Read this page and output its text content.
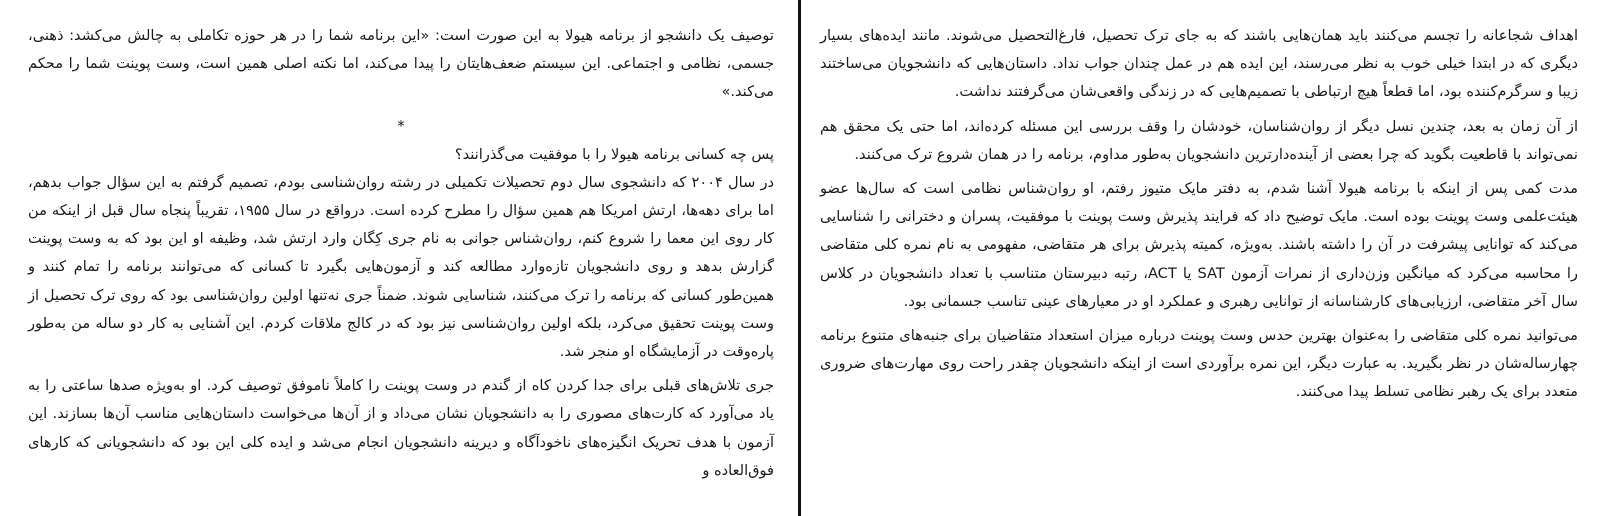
توصیف یک دانشجو از برنامه هیولا به این صورت است: «این برنامه شما را در هر حوزه تکاملی به چالش می‌کشد: ذهنی، جسمی، نظامی و اجتماعی. این سیستم ضعف‌هایتان را پیدا می‌کند، اما نکته اصلی همین است، وست پوینت شما را محکم می‌کند.»

*
پس چه کسانی برنامه هیولا را با موفقیت می‌گذرانند؟

در سال ۲۰۰۴ که دانشجوی سال دوم تحصیلات تکمیلی در رشته روان‌شناسی بودم، تصمیم گرفتم به این سؤال جواب بدهم، اما برای دهه‌ها، ارتش امریکا هم همین سؤال را مطرح کرده است. درواقع در سال ۱۹۵۵، تقریباً پنجاه سال قبل از اینکه من کار روی این معما را شروع کنم، روان‌شناس جوانی به نام جری کِگان وارد ارتش شد، وظیفه او این بود که به وست پوینت گزارش بدهد و روی دانشجویان تازه‌وارد مطالعه کند و آزمون‌هایی بگیرد تا کسانی که می‌توانند برنامه را تمام کنند و همین‌طور کسانی که برنامه را ترک می‌کنند، شناسایی شوند. ضمناً جری نه‌تنها اولین روان‌شناسی بود که روی ترک تحصیل از وست پوینت تحقیق می‌کرد، بلکه اولین روان‌شناسی نیز بود که در کالج ملاقات کردم. این آشنایی به کار دو ساله من به‌طور پاره‌وقت در آزمایشگاه او منجر شد.

جری تلاش‌های قبلی برای جدا کردن کاه از گندم در وست پوینت را کاملاً ناموفق توصیف کرد. او به‌ویژه صدها ساعتی را به یاد می‌آورد که کارت‌های مصوری را به دانشجویان نشان می‌داد و از آن‌ها می‌خواست داستان‌هایی مناسب آن‌ها بسازند. این آزمون با هدف تحریک انگیزه‌های ناخودآگاه و دیرینه دانشجویان انجام می‌شد و ایده کلی این بود که دانشجویانی که کارهای فوق‌العاده و

اهداف شجاعانه را تجسم می‌کنند باید همان‌هایی باشند که به جای ترک تحصیل، فارغ‌التحصیل می‌شوند. مانند ایده‌های بسیار دیگری که در ابتدا خیلی خوب به نظر می‌رسند، این ایده هم در عمل چندان جواب نداد. داستان‌هایی که دانشجویان می‌ساختند زیبا و سرگرم‌کننده بود، اما قطعاً هیچ ارتباطی با تصمیم‌هایی که در زندگی واقعی‌شان می‌گرفتند نداشت.

از آن زمان به بعد، چندین نسل دیگر از روان‌شناسان، خودشان را وقف بررسی این مسئله کرده‌اند، اما حتی یک محقق هم نمی‌تواند با قاطعیت بگوید که چرا بعضی از آینده‌دارترین دانشجویان به‌طور مداوم، برنامه را در همان شروع ترک می‌کنند.

مدت کمی پس از اینکه با برنامه هیولا آشنا شدم، به دفتر مایک متیوز رفتم، او روان‌شناس نظامی است که سال‌ها عضو هیئت‌علمی وست پوینت بوده است. مایک توضیح داد که فرایند پذیرش وست پوینت با موفقیت، پسران و دخترانی را شناسایی می‌کند که توانایی پیشرفت در آن را داشته باشند. به‌ویژه، کمیته پذیرش برای هر متقاضی، مفهومی به نام نمره کلی متقاضی را محاسبه می‌کرد که میانگین وزن‌داری از نمرات آزمون SAT یا ACT، رتبه دبیرستان متناسب با تعداد دانشجویان در کلاس سال آخر متقاضی، ارزیابی‌های کارشناسانه از توانایی رهبری و عملکرد او در معیارهای عینی تناسب جسمانی بود.

می‌توانید نمره کلی متقاضی را به‌عنوان بهترین حدس وست پوینت درباره میزان استعداد متقاضیان برای جنبه‌های متنوع برنامه چهارساله‌شان در نظر بگیرید. به عبارت دیگر، این نمره برآوردی است از اینکه دانشجویان چقدر راحت روی مهارت‌های ضروری متعدد برای یک رهبر نظامی تسلط پیدا می‌کنند.
